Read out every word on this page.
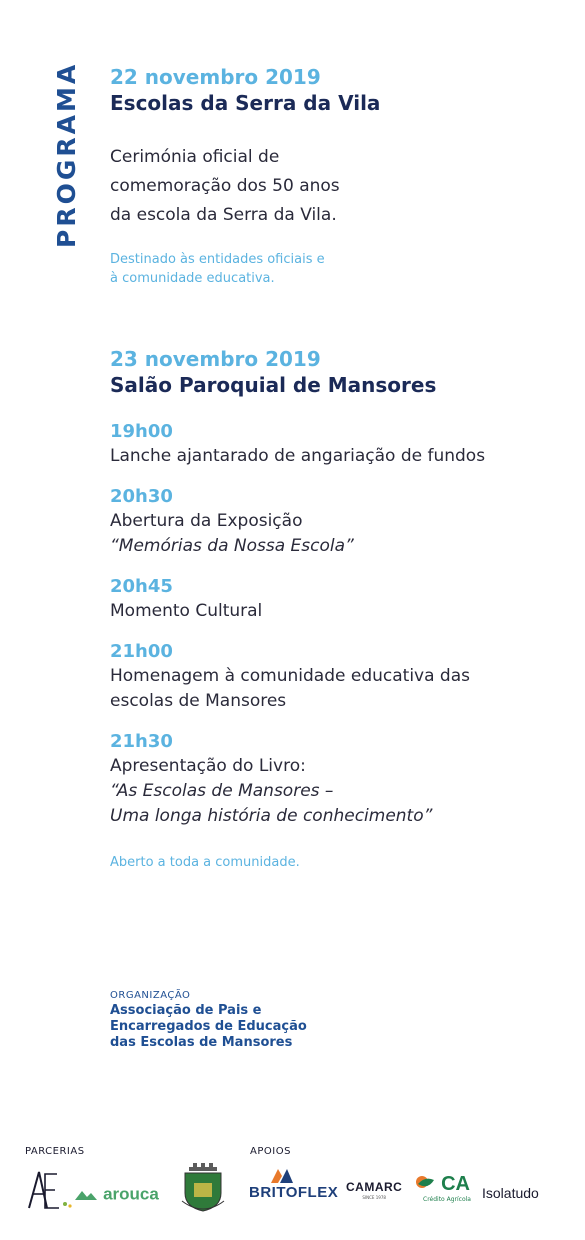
PROGRAMA 22 novembro 2019
Escolas da Serra da Vila
Cerimónia oficial de
comemoração dos 50 anos
da escola da Serra da Vila.
Destinado às entidades oficiais e
à comunidade educativa.
23 novembro 2019
Salão Paroquial de Mansores
19h00
Lanche ajantarado de angariação de fundos
20h30
Abertura da Exposição
“Memórias da Nossa Escola”
20h45
Momento Cultural
21h00
Homenagem à comunidade educativa das
escolas de Mansores
21h30
Apresentação do Livro:
“As Escolas de Mansores –
Uma longa história de conhecimento”
Aberto a toda a comunidade.
ORGANIZAÇÃO
Associação de Pais e
Encarregados de Educação
das Escolas de Mansores
PARCERIAS
arouca
APOIOS
BRITOFLEX CAMARC
SINCE 1978
CA
Crédito Agrícola Isolatudo
